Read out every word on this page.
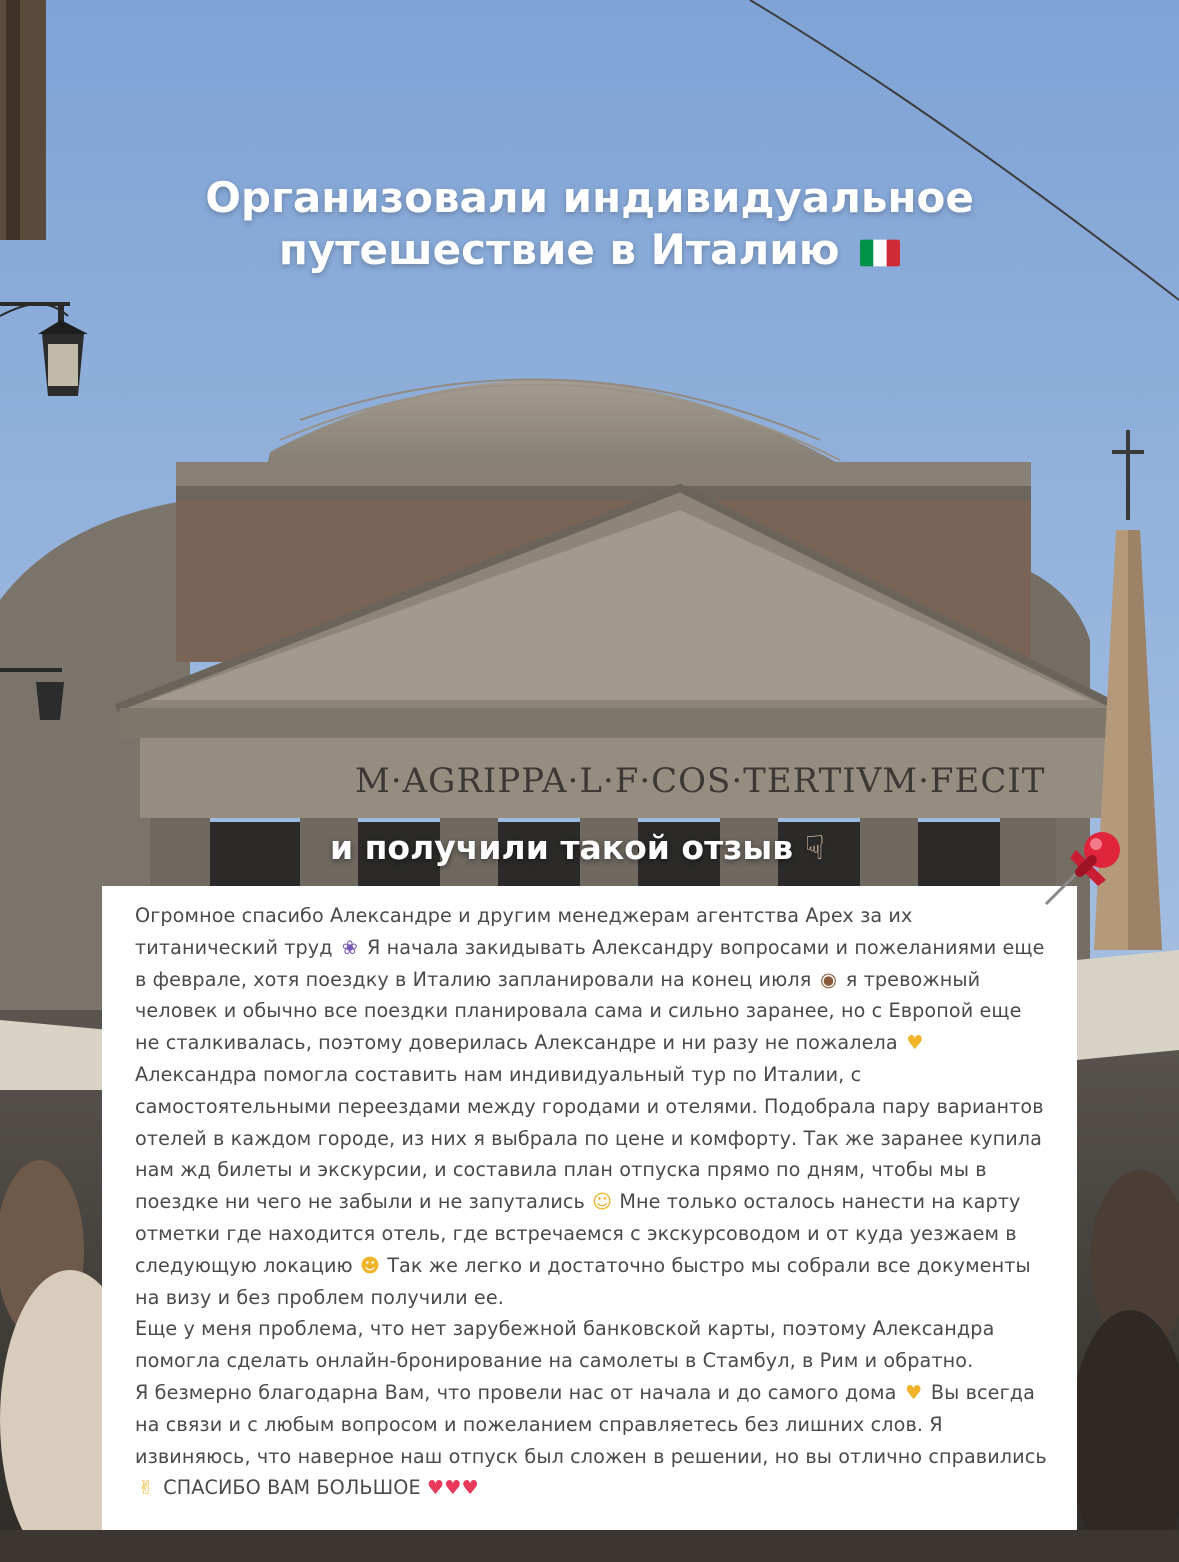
M·AGRIPPA·L·F·COS·TERTIVM·FECIT
Организовали индивидуальное
путешествие в Италию
и получили такой отзыв ☟

Огромное спасибо Александре и другим менеджерам агентства Apex за их титанический труд ❀ Я начала закидывать Александру вопросами и пожеланиями еще в феврале, хотя поездку в Италию запланировали на конец июля ◉ я тревожный человек и обычно все поездки планировала сама и сильно заранее, но с Европой еще не сталкивалась, поэтому доверилась Александре и ни разу не пожалела ♥ Александра помогла составить нам индивидуальный тур по Италии, с самостоятельными переездами между городами и отелями. Подобрала пару вариантов отелей в каждом городе, из них я выбрала по цене и комфорту. Так же заранее купила нам жд билеты и экскурсии, и составила план отпуска прямо по дням, чтобы мы в поездке ни чего не забыли и не запутались ☺ Мне только осталось нанести на карту отметки где находится отель, где встречаемся с экскурсоводом и от куда уезжаем в следующую локацию ☻ Так же легко и достаточно быстро мы собрали все документы на визу и без проблем получили ее.

Еще у меня проблема, что нет зарубежной банковской карты, поэтому Александра помогла сделать онлайн-бронирование на самолеты в Стамбул, в Рим и обратно.

Я безмерно благодарна Вам, что провели нас от начала и до самого дома ♥ Вы всегда на связи и с любым вопросом и пожеланием справляетесь без лишних слов. Я извиняюсь, что наверное наш отпуск был сложен в решении, но вы отлично справились ✌ СПАСИБО ВАМ БОЛЬШОЕ ♥♥♥
